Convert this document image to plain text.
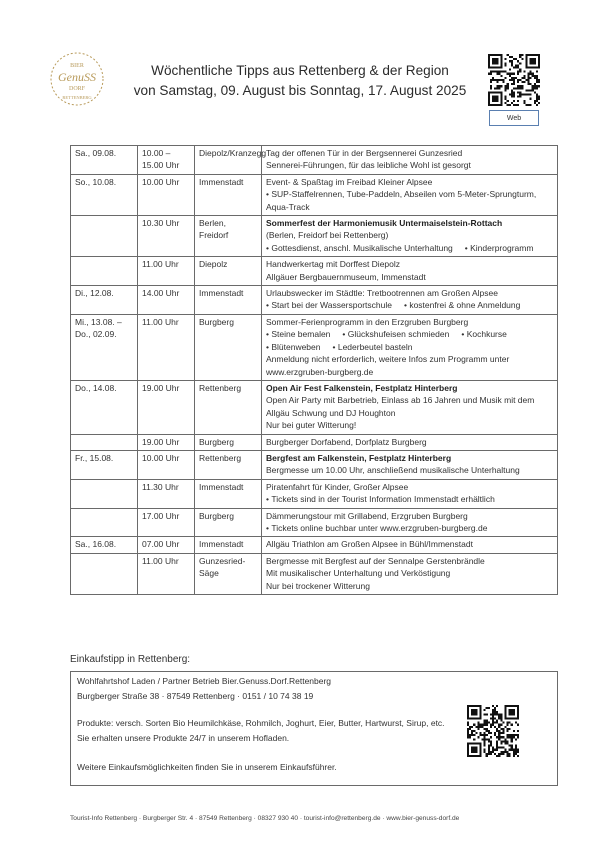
BIER
GenuSS
DORF
RETTENBERG
Wöchentliche Tipps aus Rettenberg & der Region
von Samstag, 09. August bis Sonntag, 17. August 2025
Web
Sa., 09.08.	10.00 – 15.00 Uhr	Diepolz/Kranzegg	Tag der offenen Tür in der Bergsennerei Gunzesried
Sennerei-Führungen, für das leibliche Wohl ist gesorgt

So., 10.08.	10.00 Uhr	Immenstadt	Event- & Spaßtag im Freibad Kleiner Alpsee
• SUP-Staffelrennen, Tube-Paddeln, Abseilen vom 5-Meter-Sprungturm, Aqua-Track

	10.30 Uhr	Berlen, Freidorf	Sommerfest der Harmoniemusik Untermaiselstein-Rottach
(Berlen, Freidorf bei Rettenberg)
• Gottesdienst, anschl. Musikalische Unterhaltung • Kinderprogramm

	11.00 Uhr	Diepolz	Handwerkertag mit Dorffest Diepolz
Allgäuer Bergbauernmuseum, Immenstadt

Di., 12.08.	14.00 Uhr	Immenstadt	Urlaubswecker im Städtle: Tretbootrennen am Großen Alpsee
• Start bei der Wassersportschule • kostenfrei & ohne Anmeldung

Mi., 13.08. – Do., 02.09.	11.00 Uhr	Burgberg	Sommer-Ferienprogramm in den Erzgruben Burgberg
• Steine bemalen • Glückshufeisen schmieden • Kochkurse• Blütenweben • Lederbeutel basteln
Anmeldung nicht erforderlich, weitere Infos zum Programm unter
www.erzgruben-burgberg.de

Do., 14.08.	19.00 Uhr	Rettenberg	Open Air Fest Falkenstein, Festplatz Hinterberg
Open Air Party mit Barbetrieb, Einlass ab 16 Jahren und Musik mit dem
Allgäu Schwung und DJ Houghton
Nur bei guter Witterung!

	19.00 Uhr	Burgberg	Burgberger Dorfabend, Dorfplatz Burgberg

Fr., 15.08.	10.00 Uhr	Rettenberg	Bergfest am Falkenstein, Festplatz Hinterberg
Bergmesse um 10.00 Uhr, anschließend musikalische Unterhaltung

	11.30 Uhr	Immenstadt	Piratenfahrt für Kinder, Großer Alpsee
• Tickets sind in der Tourist Information Immenstadt erhältlich

	17.00 Uhr	Burgberg	Dämmerungstour mit Grillabend, Erzgruben Burgberg
• Tickets online buchbar unter www.erzgruben-burgberg.de

Sa., 16.08.	07.00 Uhr	Immenstadt	Allgäu Triathlon am Großen Alpsee in Bühl/Immenstadt

	11.00 Uhr	Gunzesried-Säge	Bergmesse mit Bergfest auf der Sennalpe Gerstenbrändle
Mit musikalischer Unterhaltung und Verköstigung
Nur bei trockener Witterung
Einkaufstipp in Rettenberg:
Wohlfahrtshof Laden / Partner Betrieb Bier.Genuss.Dorf.Rettenberg
Burgberger Straße 38 · 87549 Rettenberg · 0151 / 10 74 38 19
Produkte: versch. Sorten Bio Heumilchkäse, Rohmilch, Joghurt, Eier, Butter, Hartwurst, Sirup, etc.
Sie erhalten unsere Produkte 24/7 in unserem Hofladen.
Weitere Einkaufsmöglichkeiten finden Sie in unserem Einkaufsführer.
Tourist-Info Rettenberg · Burgberger Str. 4 · 87549 Rettenberg · 08327 930 40 · tourist-info@rettenberg.de · www.bier-genuss-dorf.de
